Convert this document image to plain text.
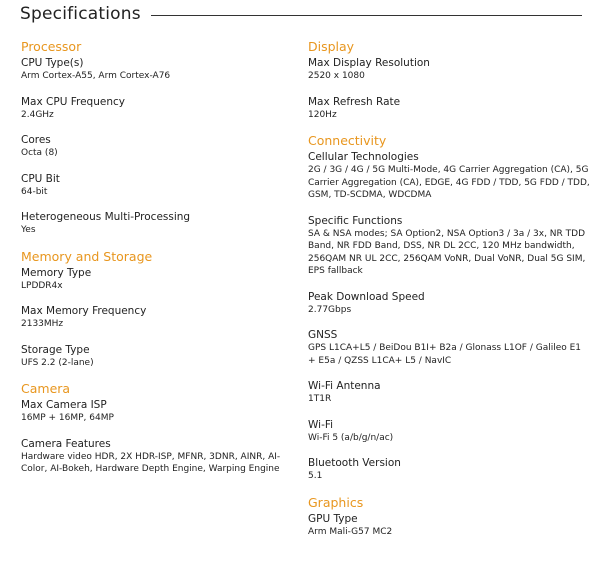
Specifications
Processor
CPU Type(s)
Arm Cortex-A55, Arm Cortex-A76
Max CPU Frequency
2.4GHz
Cores
Octa (8)
CPU Bit
64-bit
Heterogeneous Multi-Processing
Yes
Memory and Storage
Memory Type
LPDDR4x
Max Memory Frequency
2133MHz
Storage Type
UFS 2.2 (2-lane)
Camera
Max Camera ISP
16MP + 16MP, 64MP
Camera Features
Hardware video HDR, 2X HDR-ISP, MFNR, 3DNR, AINR, AI-Color, AI-Bokeh, Hardware Depth Engine, Warping Engine
Display
Max Display Resolution
2520 x 1080
Max Refresh Rate
120Hz
Connectivity
Cellular Technologies
2G / 3G / 4G / 5G Multi-Mode, 4G Carrier Aggregation (CA), 5G Carrier Aggregation (CA), EDGE, 4G FDD / TDD, 5G FDD / TDD, GSM, TD-SCDMA, WDCDMA
Specific Functions
SA & NSA modes; SA Option2, NSA Option3 / 3a / 3x, NR TDD Band, NR FDD Band, DSS, NR DL 2CC, 120 MHz bandwidth, 256QAM NR UL 2CC, 256QAM VoNR, Dual VoNR, Dual 5G SIM, EPS fallback
Peak Download Speed
2.77Gbps
GNSS
GPS L1CA+L5 / BeiDou B1I+ B2a / Glonass L1OF / Galileo E1 + E5a / QZSS L1CA+ L5 / NavIC
Wi-Fi Antenna
1T1R
Wi-Fi
Wi-Fi 5 (a/b/g/n/ac)
Bluetooth Version
5.1
Graphics
GPU Type
Arm Mali-G57 MC2
